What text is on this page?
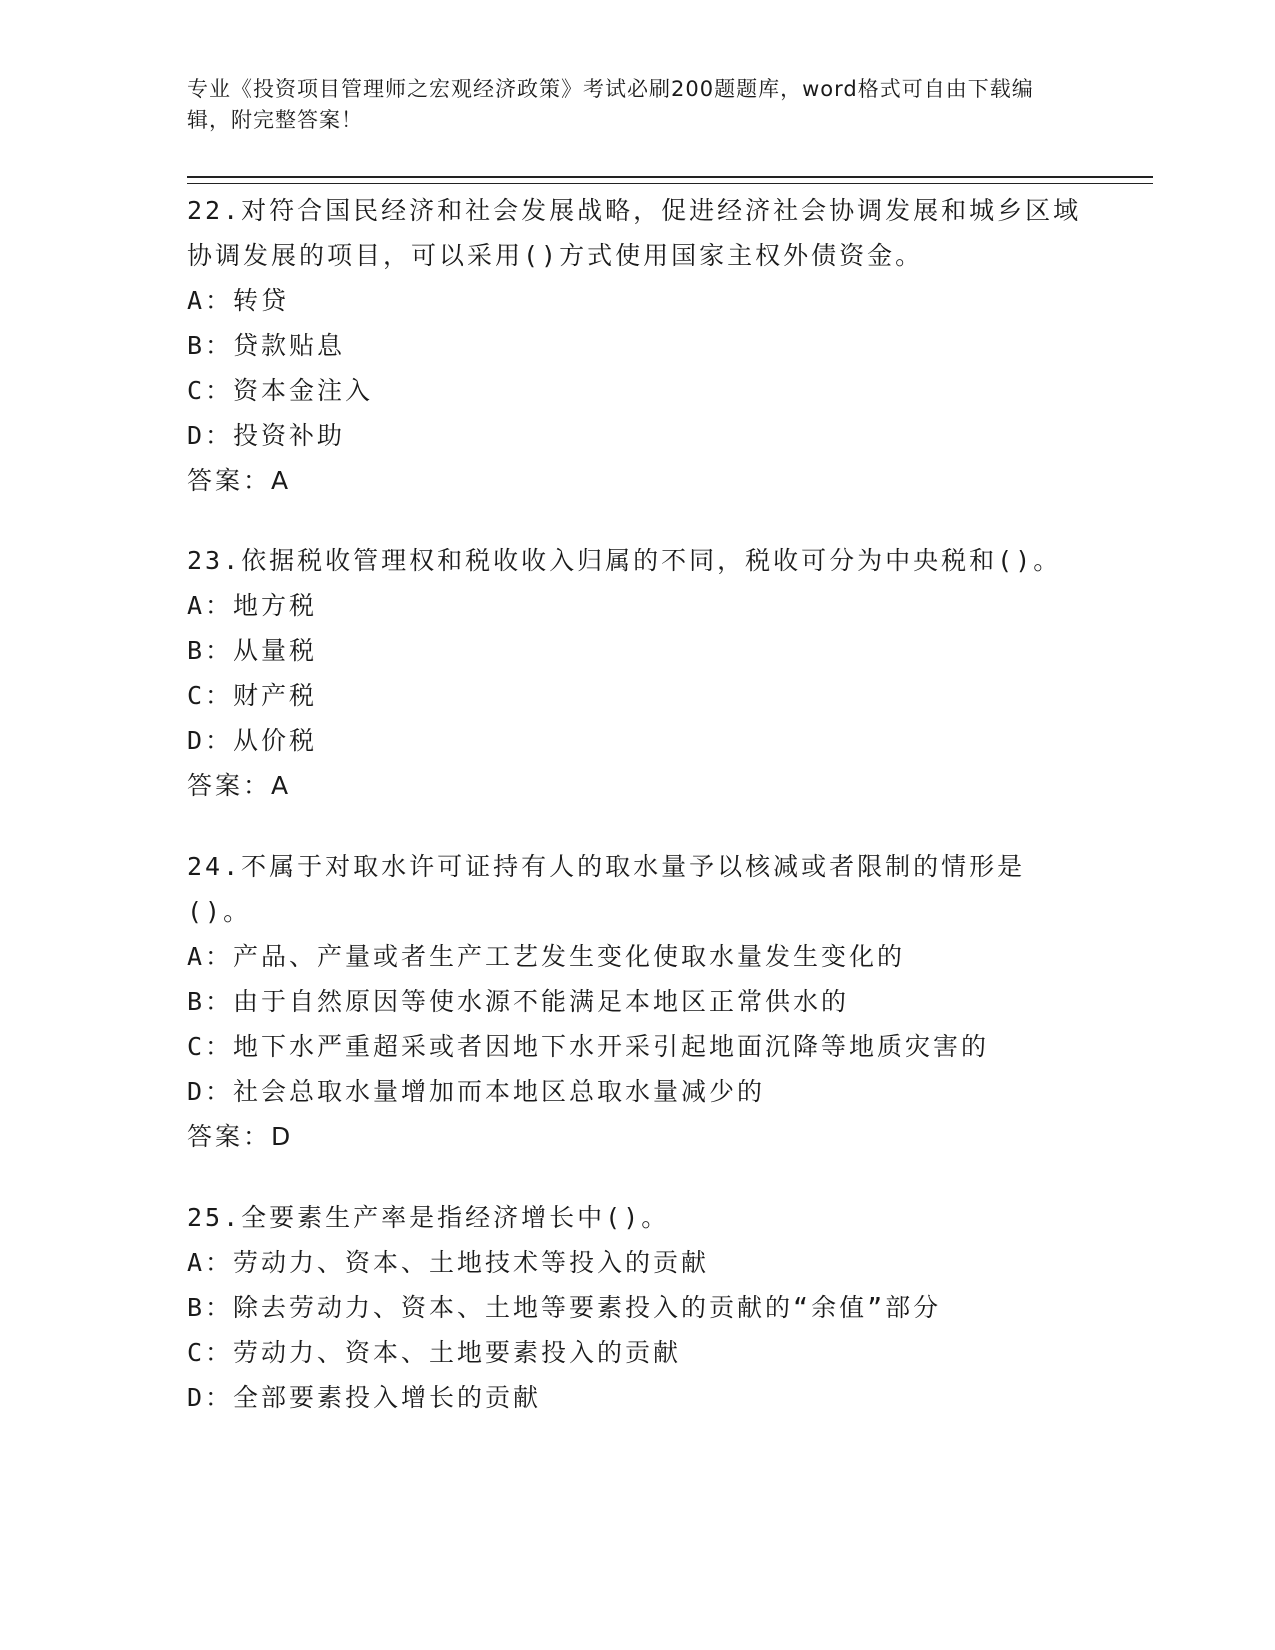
专业《投资项目管理师之宏观经济政策》考试必刷200题题库，word格式可自由下载编辑，附完整答案！
22.对符合国民经济和社会发展战略，促进经济社会协调发展和城乡区域协调发展的项目，可以采用()方式使用国家主权外债资金。
A：转贷
B：贷款贴息
C：资本金注入
D：投资补助
答案：A
23.依据税收管理权和税收收入归属的不同，税收可分为中央税和()。
A：地方税
B：从量税
C：财产税
D：从价税
答案：A
24.不属于对取水许可证持有人的取水量予以核减或者限制的情形是()。
A：产品、产量或者生产工艺发生变化使取水量发生变化的
B：由于自然原因等使水源不能满足本地区正常供水的
C：地下水严重超采或者因地下水开采引起地面沉降等地质灾害的
D：社会总取水量增加而本地区总取水量减少的
答案：D
25.全要素生产率是指经济增长中()。
A：劳动力、资本、土地技术等投入的贡献
B：除去劳动力、资本、土地等要素投入的贡献的“余值”部分
C：劳动力、资本、土地要素投入的贡献
D：全部要素投入增长的贡献
